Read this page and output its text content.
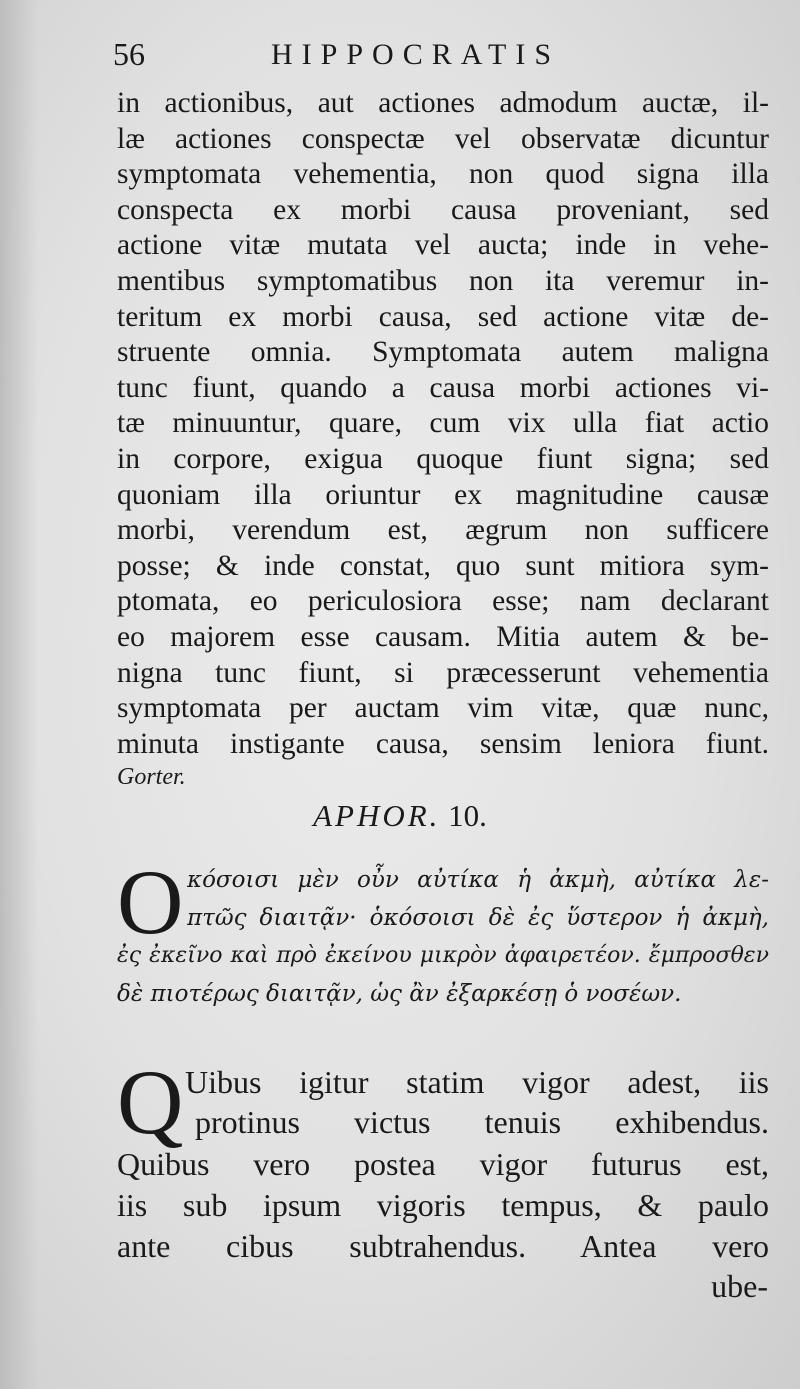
56	HIPPOCRATIS
in actionibus, aut actiones admodum auctæ, il-
læ actiones conspectæ vel observatæ dicuntur
symptomata vehementia, non quod signa illa
conspecta ex morbi causa proveniant, sed
actione vitæ mutata vel aucta; inde in vehe-
mentibus symptomatibus non ita veremur in-
teritum ex morbi causa, sed actione vitæ de-
struente omnia. Symptomata autem maligna
tunc fiunt, quando a causa morbi actiones vi-
tæ minuuntur, quare, cum vix ulla fiat actio
in corpore, exigua quoque fiunt signa; sed
quoniam illa oriuntur ex magnitudine causæ
morbi, verendum est, ægrum non sufficere
posse; & inde constat, quo sunt mitiora sym-
ptomata, eo periculosiora esse; nam declarant
eo majorem esse causam. Mitia autem & be-
nigna tunc fiunt, si præcesserunt vehementia
symptomata per auctam vim vitæ, quæ nunc,
minuta instigante causa, sensim leniora fiunt.
Gorter.
APHOR. 10.
O κόσοισι μὲν οὖν αὐτίκα ἡ ἀκμὴ, αὐτίκα λε-
πτῶς διαιτᾷν· ὁκόσοισι δὲ ἐς ὕστερον ἡ ἀκμὴ,
ἐς ἐκεῖνο καὶ πρὸ ἐκείνου μικρὸν ἀφαιρετέον. ἔμπροσθεν
δὲ πιοτέρως διαιτᾷν, ὡς ἂν ἐξαρκέσῃ ὁ νοσέων.
Q Uibus igitur statim vigor adest, iis
protinus victus tenuis exhibendus.
Quibus vero postea vigor futurus est,
iis sub ipsum vigoris tempus, & paulo
ante cibus subtrahendus. Antea vero
ube-
